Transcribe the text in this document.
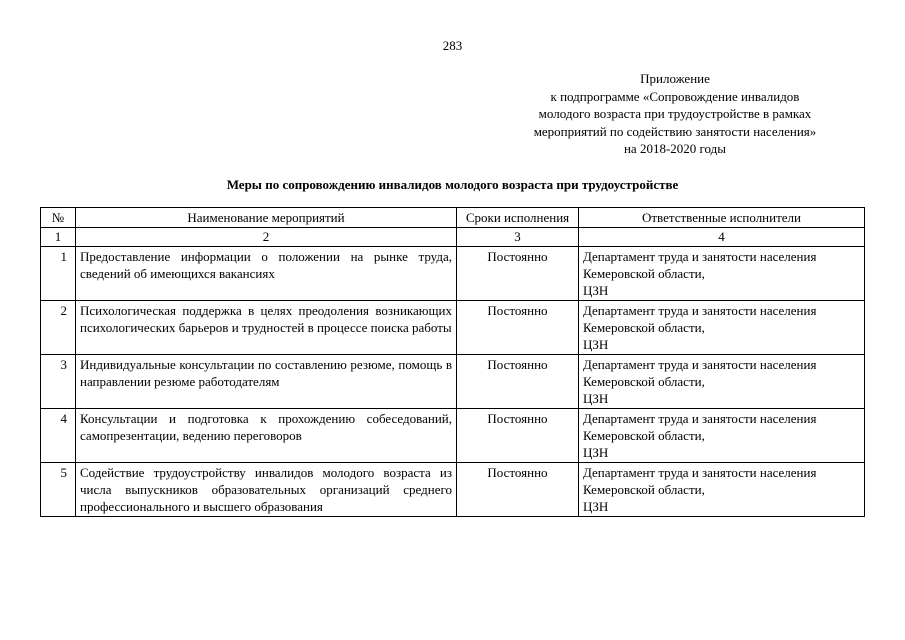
283
Приложение
к подпрограмме «Сопровождение инвалидов
молодого возраста при трудоустройстве в рамках
мероприятий по содействию занятости населения»
на 2018-2020 годы
Меры по сопровождению инвалидов молодого возраста при трудоустройстве
№	Наименование мероприятий	Сроки исполнения	Ответственные исполнители
1	2	3	4
1	Предоставление информации о положении на рынке труда, сведений об имеющихся вакансиях	Постоянно	Департамент труда и занятости населения
Кемеровской области,
ЦЗН

2	Психологическая поддержка в целях преодоления возникающих психологических барьеров и трудностей в процессе поиска работы	Постоянно	Департамент труда и занятости населения
Кемеровской области,
ЦЗН

3	Индивидуальные консультации по составлению резюме, помощь в направлении резюме работодателям	Постоянно	Департамент труда и занятости населения
Кемеровской области,
ЦЗН

4	Консультации и подготовка к прохождению собеседований, самопрезентации, ведению переговоров	Постоянно	Департамент труда и занятости населения
Кемеровской области,
ЦЗН

5	Содействие трудоустройству инвалидов молодого возраста из числа выпускников образовательных организаций среднего профессионального и высшего образования	Постоянно	Департамент труда и занятости населения
Кемеровской области,
ЦЗН
